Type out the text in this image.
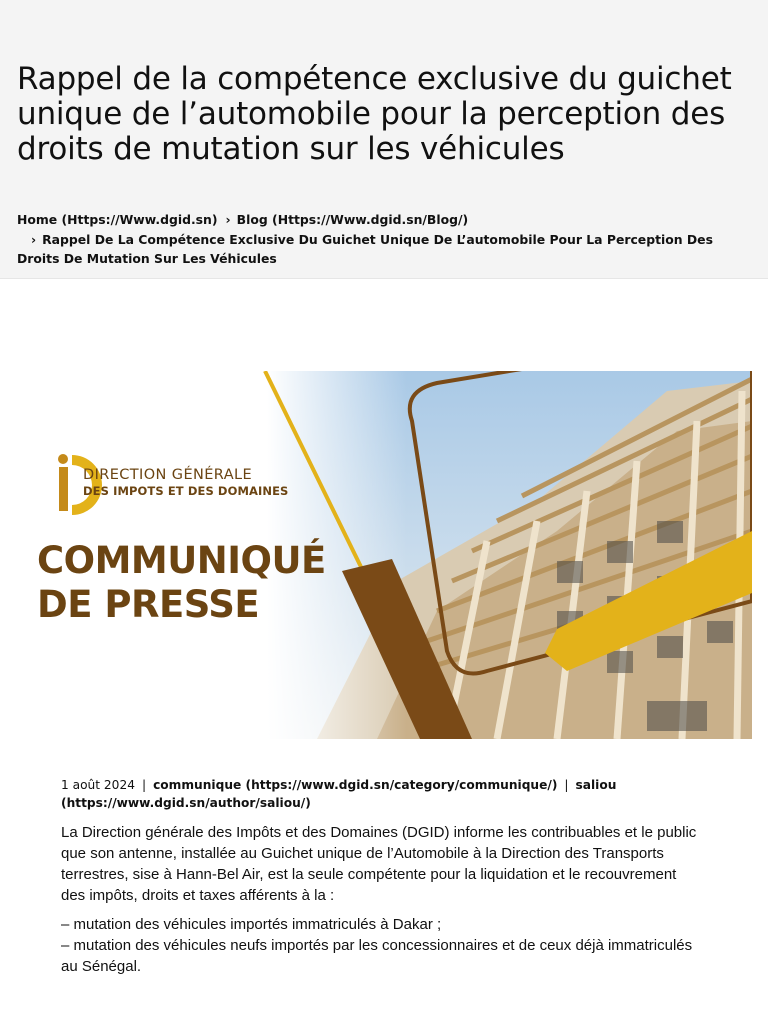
Rappel de la compétence exclusive du guichet unique de l’automobile pour la perception des droits de mutation sur les véhicules
Home (Https://Www.dgid.sn) › Blog (Https://Www.dgid.sn/Blog/)
› Rappel De La Compétence Exclusive Du Guichet Unique De L’automobile Pour La Perception Des Droits De Mutation Sur Les Véhicules
DIRECTION GÉNÉRALE
DES IMPOTS ET DES DOMAINES
COMMUNIQUÉ
DE PRESSE
1 août 2024 | communique (https://www.dgid.sn/category/communique/) | saliou (https://www.dgid.sn/author/saliou/)

La Direction générale des Impôts et des Domaines (DGID) informe les contribuables et le public que son antenne, installée au Guichet unique de l’Automobile à la Direction des Transports terrestres, sise à Hann-Bel Air, est la seule compétente pour la liquidation et le recouvrement des impôts, droits et taxes afférents à la :

– mutation des véhicules importés immatriculés à Dakar ;
– mutation des véhicules neufs importés par les concessionnaires et de ceux déjà immatriculés au Sénégal.
